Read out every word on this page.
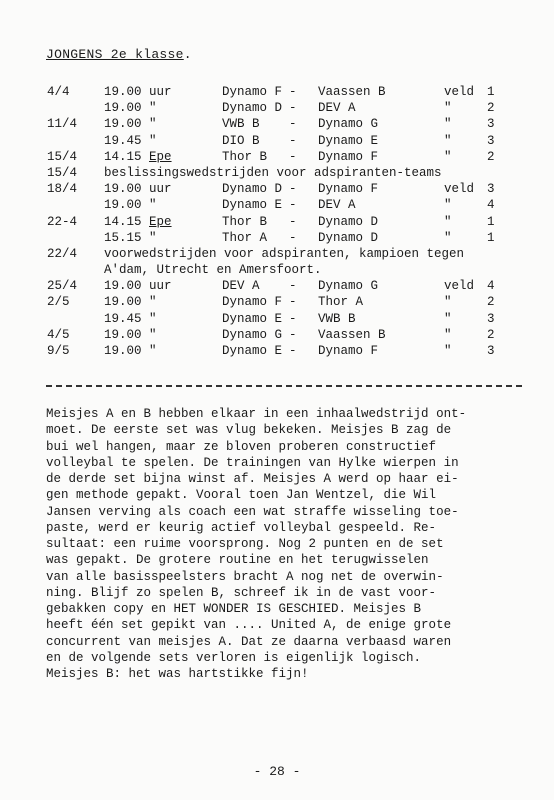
JONGENS 2e klasse.
4/4	19.00 uur	Dynamo F - Vaassen B	veld 1
19.00 "	Dynamo D - DEV A	"	2
11/4 19.00 "	VWB B - Dynamo G	"	3
19.45 "	DIO B - Dynamo E	"	3
15/4 14.15 Epe	Thor B - Dynamo F	"	2
15/4 beslissingswedstrijden voor adspiranten-teams
18/4 19.00 uur	Dynamo D - Dynamo F	veld 3
19.00 "	Dynamo E - DEV A	"	4
22-4 14.15 Epe	Thor B - Dynamo D	"	1
15.15 "	Thor A - Dynamo D	"	1
22/4 voorwedstrijden voor adspiranten, kampioen tegen
A'dam, Utrecht en Amersfoort.
25/4 19.00 uur	DEV A - Dynamo G	veld 4
2/5	19.00 "	Dynamo F - Thor A	"	2
19.45 "	Dynamo E - VWB B	"	3
4/5	19.00 "	Dynamo G - Vaassen B	"	2
9/5	19.00 "	Dynamo E - Dynamo F	"	3
Meisjes A en B hebben elkaar in een inhaalwedstrijd ont-
moet. De eerste set was vlug bekeken. Meisjes B zag de
bui wel hangen, maar ze bloven proberen constructief
volleybal te spelen. De trainingen van Hylke wierpen in
de derde set bijna winst af. Meisjes A werd op haar ei-
gen methode gepakt. Vooral toen Jan Wentzel, die Wil
Jansen verving als coach een wat straffe wisseling toe-
paste, werd er keurig actief volleybal gespeeld. Re-
sultaat: een ruime voorsprong. Nog 2 punten en de set
was gepakt. De grotere routine en het terugwisselen
van alle basisspeelsters bracht A nog net de overwin-
ning. Blijf zo spelen B, schreef ik in de vast voor-
gebakken copy en HET WONDER IS GESCHIED. Meisjes B
heeft één set gepikt van .... United A, de enige grote
concurrent van meisjes A. Dat ze daarna verbaasd waren
en de volgende sets verloren is eigenlijk logisch.
Meisjes B: het was hartstikke fijn!
- 28 -
